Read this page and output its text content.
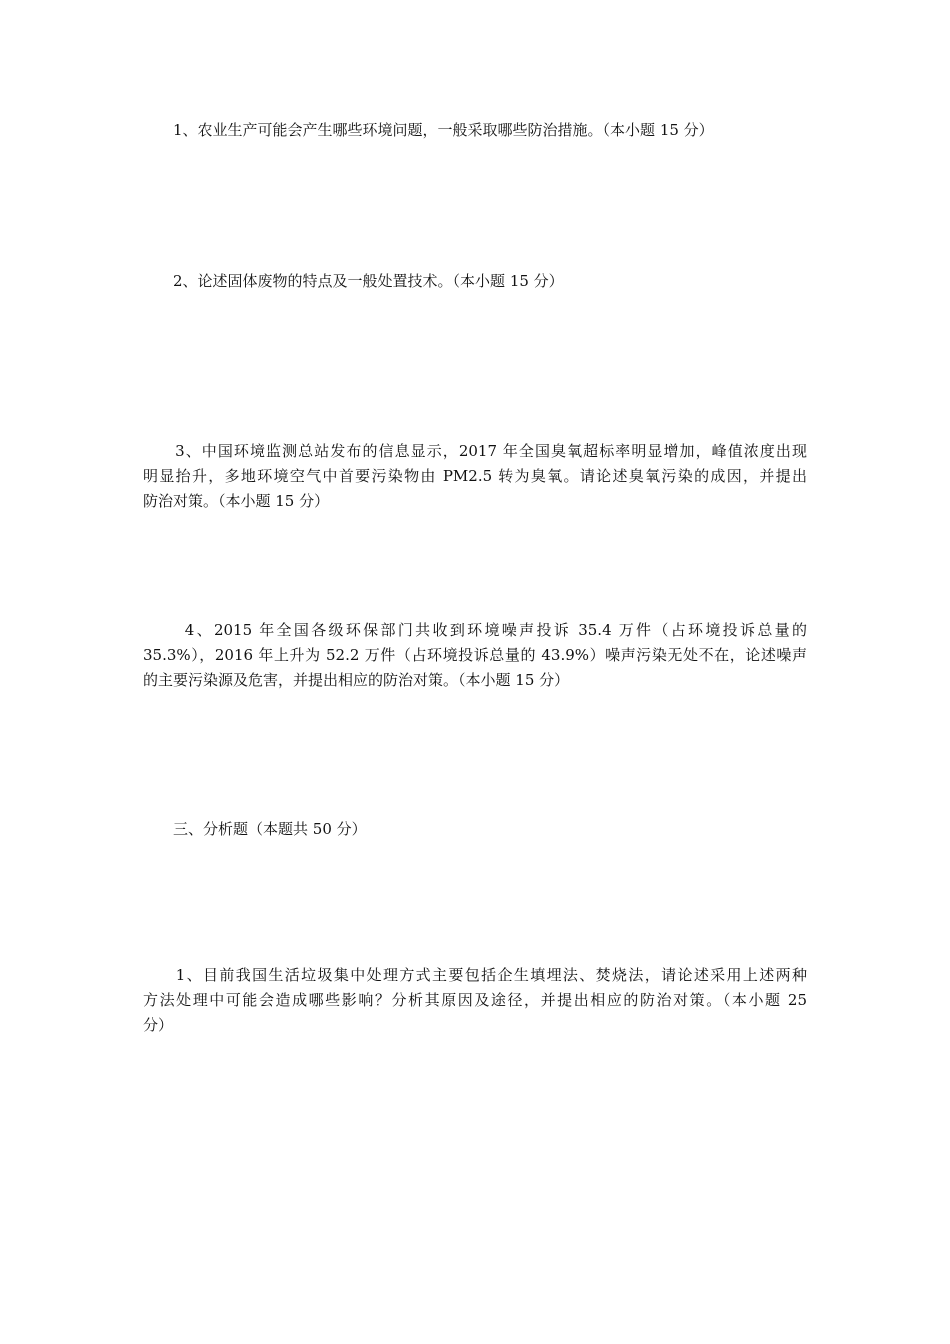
　　1、农业生产可能会产生哪些环境问题，一般采取哪些防治措施。（本小题 15 分）
　　2、论述固体废物的特点及一般处置技术。（本小题 15 分）
　　3、中国环境监测总站发布的信息显示，2017 年全国臭氧超标率明显增加，峰值浓度出现
明显抬升，多地环境空气中首要污染物由 PM2.5 转为臭氧。请论述臭氧污染的成因，并提出
防治对策。（本小题 15 分）
　　 4、2015 年全国各级环保部门共收到环境噪声投诉 35.4 万件（占环境投诉总量的
35.3%），2016 年上升为 52.2 万件（占环境投诉总量的 43.9%）噪声污染无处不在，论述噪声
的主要污染源及危害，并提出相应的防治对策。（本小题 15 分）
　　三、分析题（本题共 50 分）
　　1、目前我国生活垃圾集中处理方式主要包括企生填埋法、焚烧法，请论述采用上述两种
方法处理中可能会造成哪些影响？分析其原因及途径，并提出相应的防治对策。（本小题 25
分）
